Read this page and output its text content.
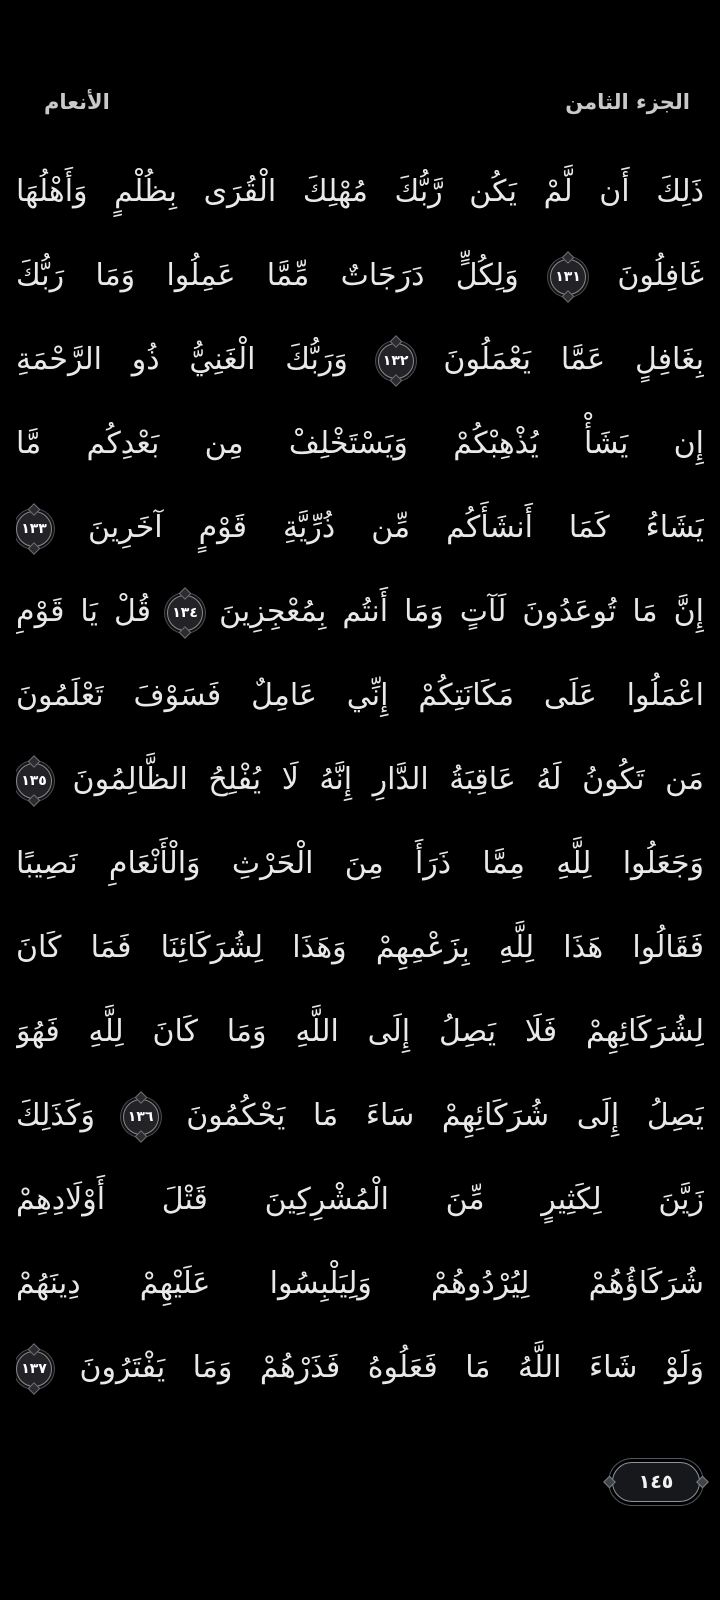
الجزء الثامن
الأنعام
ذَلِكَ أَن لَّمْ يَكُن رَّبُّكَ مُهْلِكَ الْقُرَى بِظُلْمٍ وَأَهْلُهَا
غَافِلُونَ
١٣١
وَلِكُلٍّ دَرَجَاتٌ مِّمَّا عَمِلُوا وَمَا رَبُّكَ
بِغَافِلٍ عَمَّا يَعْمَلُونَ
١٣٢
وَرَبُّكَ الْغَنِيُّ ذُو الرَّحْمَةِ
إِن يَشَأْ يُذْهِبْكُمْ وَيَسْتَخْلِفْ مِن بَعْدِكُم مَّا
يَشَاءُ كَمَا أَنشَأَكُم مِّن ذُرِّيَّةِ قَوْمٍ آخَرِينَ
١٣٣
إِنَّ مَا تُوعَدُونَ لَآتٍ وَمَا أَنتُم بِمُعْجِزِينَ
١٣٤
قُلْ يَا قَوْمِ
اعْمَلُوا عَلَى مَكَانَتِكُمْ إِنِّي عَامِلٌ فَسَوْفَ تَعْلَمُونَ
مَن تَكُونُ لَهُ عَاقِبَةُ الدَّارِ إِنَّهُ لَا يُفْلِحُ الظَّالِمُونَ
١٣٥
وَجَعَلُوا لِلَّهِ مِمَّا ذَرَأَ مِنَ الْحَرْثِ وَالْأَنْعَامِ نَصِيبًا
فَقَالُوا هَذَا لِلَّهِ بِزَعْمِهِمْ وَهَذَا لِشُرَكَائِنَا فَمَا كَانَ
لِشُرَكَائِهِمْ فَلَا يَصِلُ إِلَى اللَّهِ وَمَا كَانَ لِلَّهِ فَهُوَ
يَصِلُ إِلَى شُرَكَائِهِمْ سَاءَ مَا يَحْكُمُونَ
١٣٦
وَكَذَلِكَ
زَيَّنَ لِكَثِيرٍ مِّنَ الْمُشْرِكِينَ قَتْلَ أَوْلَادِهِمْ
شُرَكَاؤُهُمْ لِيُرْدُوهُمْ وَلِيَلْبِسُوا عَلَيْهِمْ دِينَهُمْ
وَلَوْ شَاءَ اللَّهُ مَا فَعَلُوهُ فَذَرْهُمْ وَمَا يَفْتَرُونَ
١٣٧
١٤٥
